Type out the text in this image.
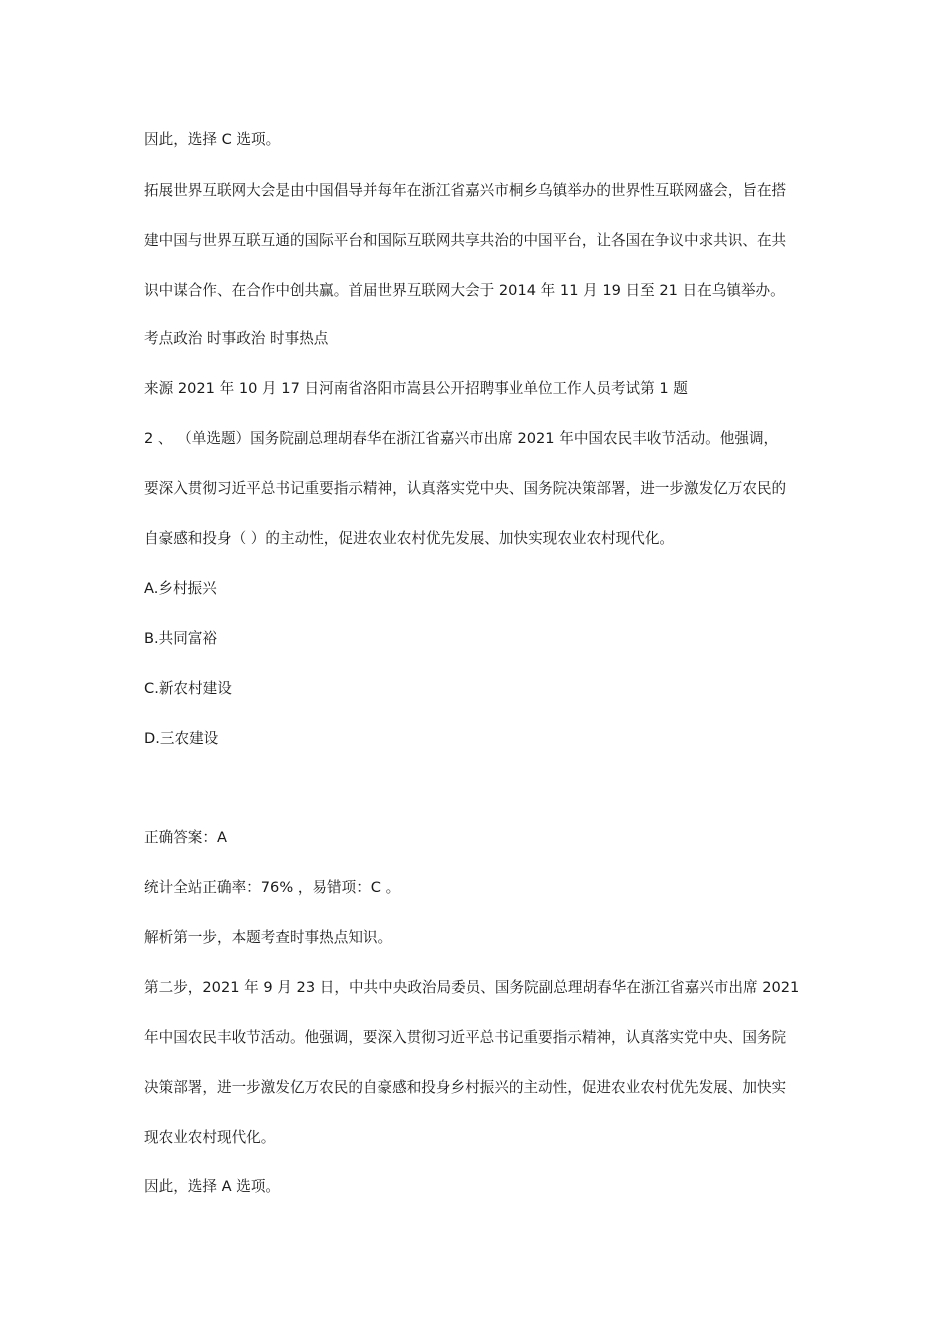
因此，选择 C 选项。
拓展世界互联网大会是由中国倡导并每年在浙江省嘉兴市桐乡乌镇举办的世界性互联网盛会，旨在搭
建中国与世界互联互通的国际平台和国际互联网共享共治的中国平台，让各国在争议中求共识、在共
识中谋合作、在合作中创共赢。首届世界互联网大会于 2014 年 11 月 19 日至 21 日在乌镇举办。
考点政治 时事政治 时事热点
来源 2021 年 10 月 17 日河南省洛阳市嵩县公开招聘事业单位工作人员考试第 1 题
2 、 （单选题）国务院副总理胡春华在浙江省嘉兴市出席 2021 年中国农民丰收节活动。他强调，
要深入贯彻习近平总书记重要指示精神，认真落实党中央、国务院决策部署，进一步激发亿万农民的
自豪感和投身（ ）的主动性，促进农业农村优先发展、加快实现农业农村现代化。
A.乡村振兴
B.共同富裕
C.新农村建设
D.三农建设
正确答案：A
统计全站正确率：76% ，易错项：C 。
解析第一步，本题考查时事热点知识。
第二步，2021 年 9 月 23 日，中共中央政治局委员、国务院副总理胡春华在浙江省嘉兴市出席 2021
年中国农民丰收节活动。他强调，要深入贯彻习近平总书记重要指示精神，认真落实党中央、国务院
决策部署，进一步激发亿万农民的自豪感和投身乡村振兴的主动性，促进农业农村优先发展、加快实
现农业农村现代化。
因此，选择 A 选项。
